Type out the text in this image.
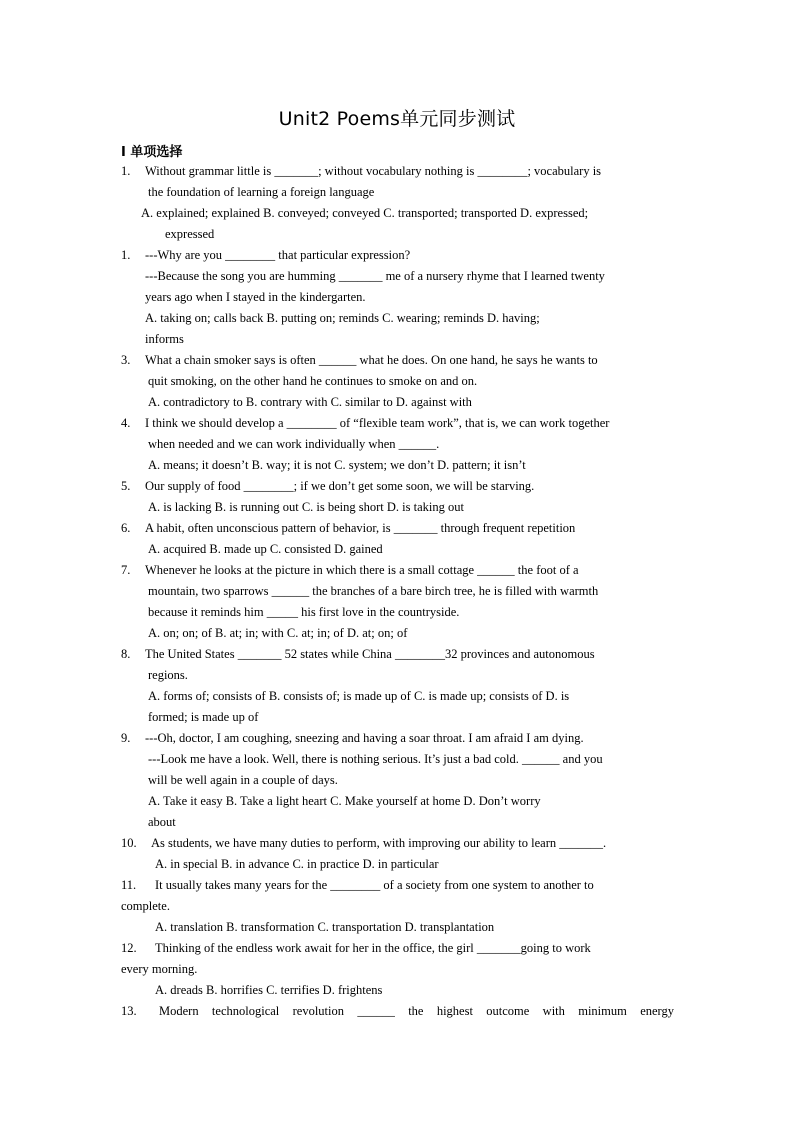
Unit2 Poems单元同步测试
I 单项选择
1.	Without grammar little is _______; without vocabulary nothing is ________; vocabulary is
the foundation of learning a foreign language
A. explained; explained B. conveyed; conveyed C. transported; transported D. expressed;
expressed
1.	---Why are you ________ that particular expression?
---Because the song you are humming _______ me of a nursery rhyme that I learned twenty
years ago when I stayed in the kindergarten.
A. taking on; calls back B. putting on; reminds C. wearing; reminds D. having;
informs
3.	What a chain smoker says is often ______ what he does. On one hand, he says he wants to
quit smoking, on the other hand he continues to smoke on and on.
A. contradictory to B. contrary with C. similar to D. against with
4.	I think we should develop a ________ of “flexible team work”, that is, we can work together
when needed and we can work individually when ______.
A. means; it doesn’t B. way; it is not C. system; we don’t D. pattern; it isn’t
5.	Our supply of food ________; if we don’t get some soon, we will be starving.
A. is lacking B. is running out C. is being short D. is taking out
6.	A habit, often unconscious pattern of behavior, is _______ through frequent repetition
A. acquired B. made up C. consisted D. gained
7.	Whenever he looks at the picture in which there is a small cottage ______ the foot of a
mountain, two sparrows ______ the branches of a bare birch tree, he is filled with warmth
because it reminds him _____ his first love in the countryside.
A. on; on; of B. at; in; with C. at; in; of D. at; on; of
8.	The United States _______ 52 states while China ________32 provinces and autonomous
regions.
A. forms of; consists of B. consists of; is made up of C. is made up; consists of D. is
formed; is made up of
9.	---Oh, doctor, I am coughing, sneezing and having a soar throat. I am afraid I am dying.
---Look me have a look. Well, there is nothing serious. It’s just a bad cold. ______ and you
will be well again in a couple of days.
A. Take it easy B. Take a light heart C. Make yourself at home D. Don’t worry
about
10.	As students, we have many duties to perform, with improving our ability to learn _______.
A. in special B. in advance C. in practice D. in particular
11.	It usually takes many years for the ________ of a society from one system to another to
complete.
A. translation B. transformation C. transportation D. transplantation
12.	Thinking of the endless work await for her in the office, the girl _______going to work
every morning.
A. dreads B. horrifies C. terrifies D. frightens
13.	Modern technological revolution ______ the highest outcome with minimum energy
